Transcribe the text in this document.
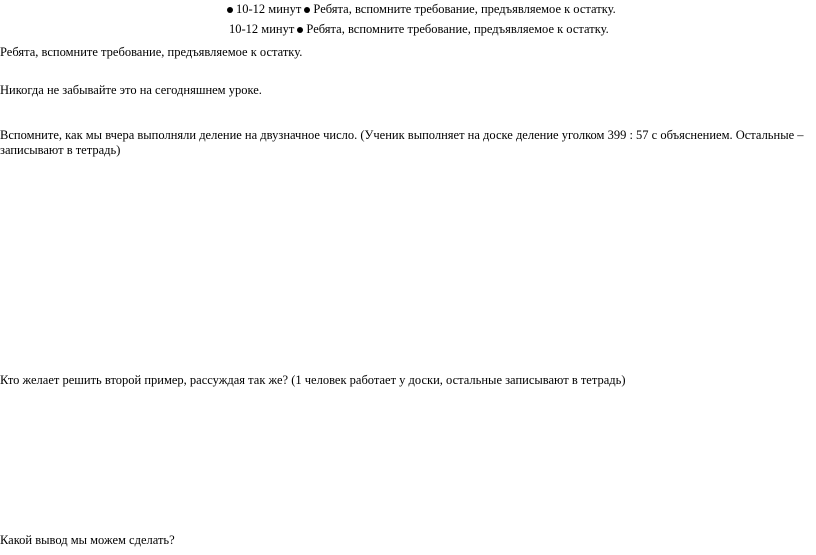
10-12 минут Ребята, вспомните требование, предъявляемое к остатку.
10-12 минут Ребята, вспомните требование, предъявляемое к остатку.
Ребята, вспомните требование, предъявляемое к остатку.
Никогда не забывайте это на сегодняшнем уроке.
Вспомните, как мы вчера выполняли деление на двузначное число. (Ученик выполняет на доске деление уголком 399 : 57 с объяснением. Остальные – записывают в тетрадь)
Кто желает решить второй пример, рассуждая так же? (1 человек работает у доски, остальные записывают в тетрадь)
Какой вывод мы можем сделать?
